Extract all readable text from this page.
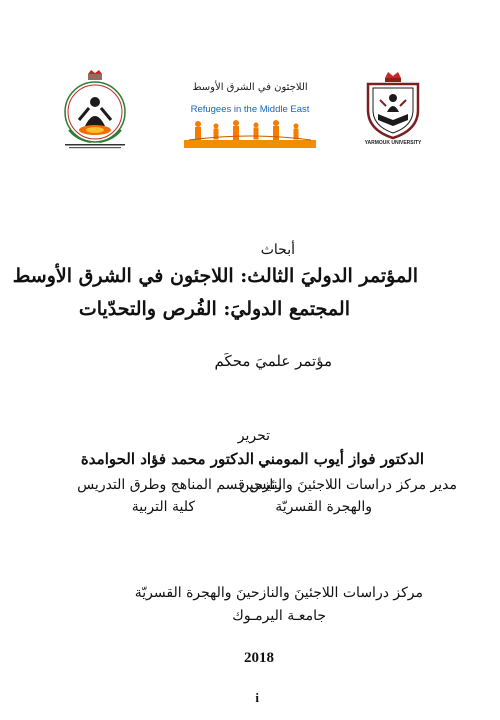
اللاجئون في الشرق الأوسط
Refugees in the Middle East
YARMOUK UNIVERSITY
أبحاث
المؤتمر الدوليَ الثالث: اللاجئون في الشرق الأوسط
المجتمع الدوليَ: الفُرص والتحدّيات
مؤتمر علميَ محكَم
تحرير
الدكتور فواز أيوب المومني
مدير مركز دراسات اللاجئينَ والنازحين
والهجرة القسريّة
الدكتور محمد فؤاد الحوامدة
رئيس قسم المناهج وطرق التدريس
كلية التربية
مركز دراسات اللاجئينَ والنازحينَ والهجرة القسريّة
جامعـة اليرمـوك
2018
i
